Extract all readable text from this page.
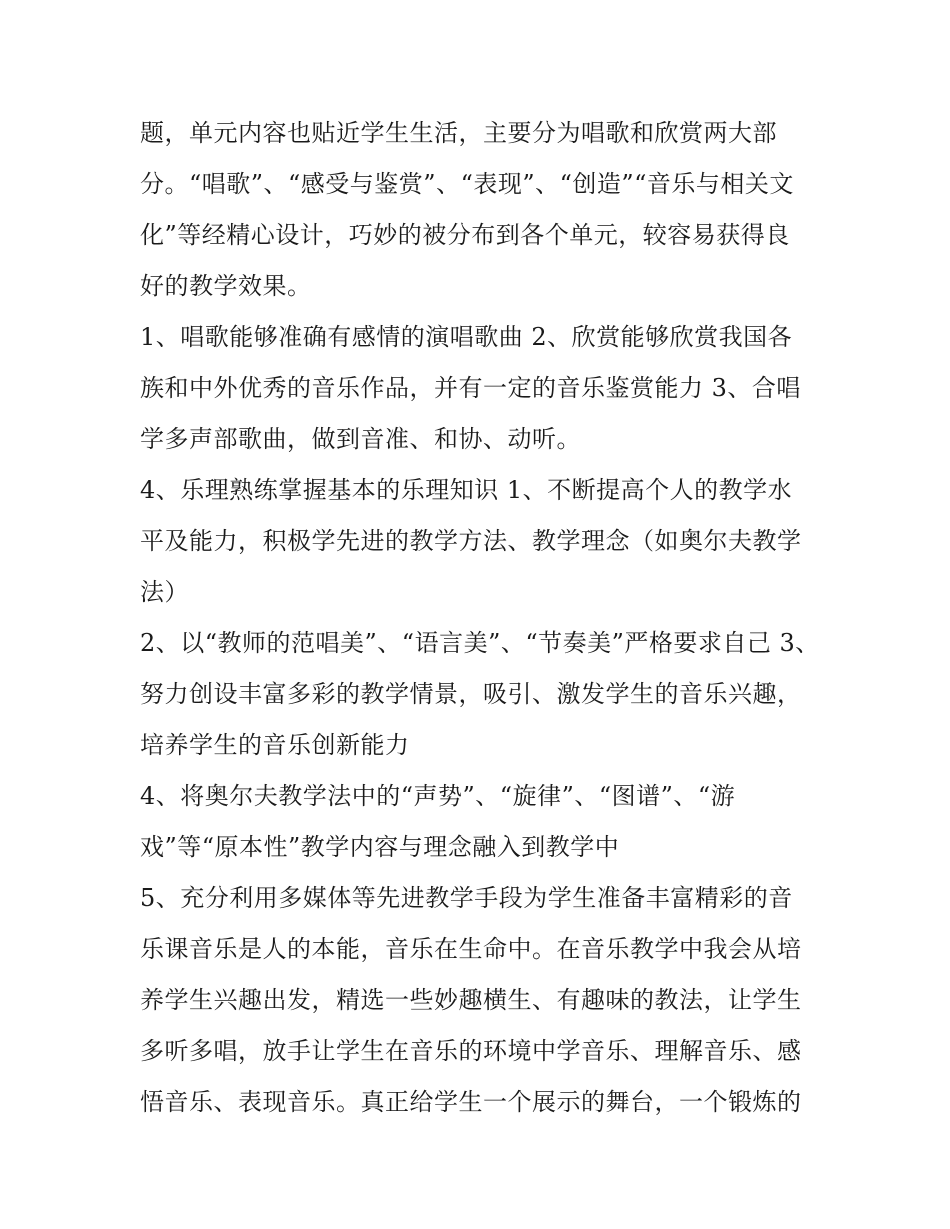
题，单元内容也贴近学生生活，主要分为唱歌和欣赏两大部
分。“唱歌”、“感受与鉴赏”、“表现”、“创造”“音乐与相关文
化”等经精心设计，巧妙的被分布到各个单元，较容易获得良
好的教学效果。
1、唱歌能够准确有感情的演唱歌曲 2、欣赏能够欣赏我国各
族和中外优秀的音乐作品，并有一定的音乐鉴赏能力 3、合唱
学多声部歌曲，做到音准、和协、动听。
4、乐理熟练掌握基本的乐理知识 1、不断提高个人的教学水
平及能力，积极学先进的教学方法、教学理念（如奥尔夫教学
法）
2、以“教师的范唱美”、“语言美”、“节奏美”严格要求自己 3、
努力创设丰富多彩的教学情景，吸引、激发学生的音乐兴趣，
培养学生的音乐创新能力
4、将奥尔夫教学法中的“声势”、“旋律”、“图谱”、“游
戏”等“原本性”教学内容与理念融入到教学中
5、充分利用多媒体等先进教学手段为学生准备丰富精彩的音
乐课音乐是人的本能，音乐在生命中。在音乐教学中我会从培
养学生兴趣出发，精选一些妙趣横生、有趣味的教法，让学生
多听多唱，放手让学生在音乐的环境中学音乐、理解音乐、感
悟音乐、表现音乐。真正给学生一个展示的舞台，一个锻炼的
